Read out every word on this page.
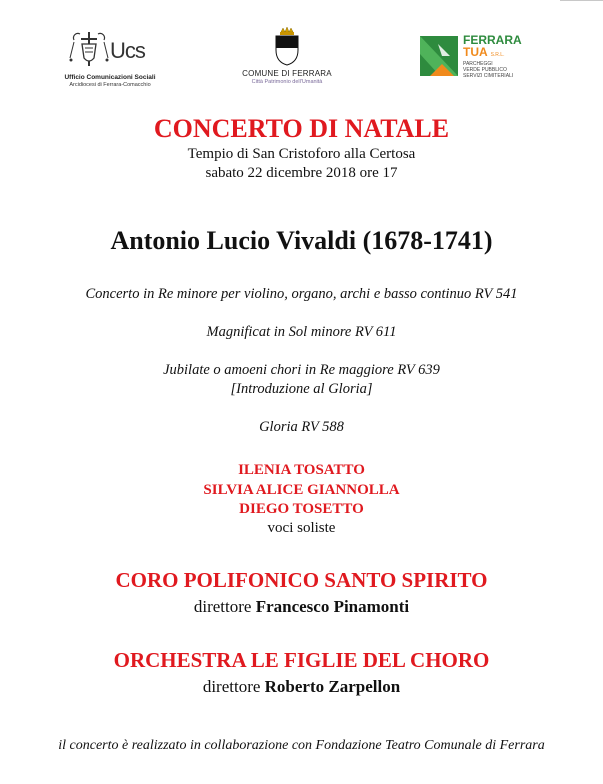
Ucs
Ufficio Comunicazioni Sociali
Arcidiocesi di Ferrara-Comacchio
COMUNE DI FERRARA
Città Patrimonio dell'Umanità
FERRARA
TUA S.R.L.
PARCHEGGI
VERDE PUBBLICO
SERVIZI CIMITERIALI
CONCERTO DI NATALE
Tempio di San Cristoforo alla Certosa
sabato 22 dicembre 2018 ore 17
Antonio Lucio Vivaldi (1678-1741)
Concerto in Re minore per violino, organo, archi e basso continuo RV 541
Magnificat in Sol minore RV 611
Jubilate o amoeni chori in Re maggiore RV 639
[Introduzione al Gloria]
Gloria RV 588
ILENIA TOSATTO
SILVIA ALICE GIANNOLLA
DIEGO TOSETTO
voci soliste
CORO POLIFONICO SANTO SPIRITO
direttore Francesco Pinamonti
ORCHESTRA LE FIGLIE DEL CHORO
direttore Roberto Zarpellon
il concerto è realizzato in collaborazione con Fondazione Teatro Comunale di Ferrara
